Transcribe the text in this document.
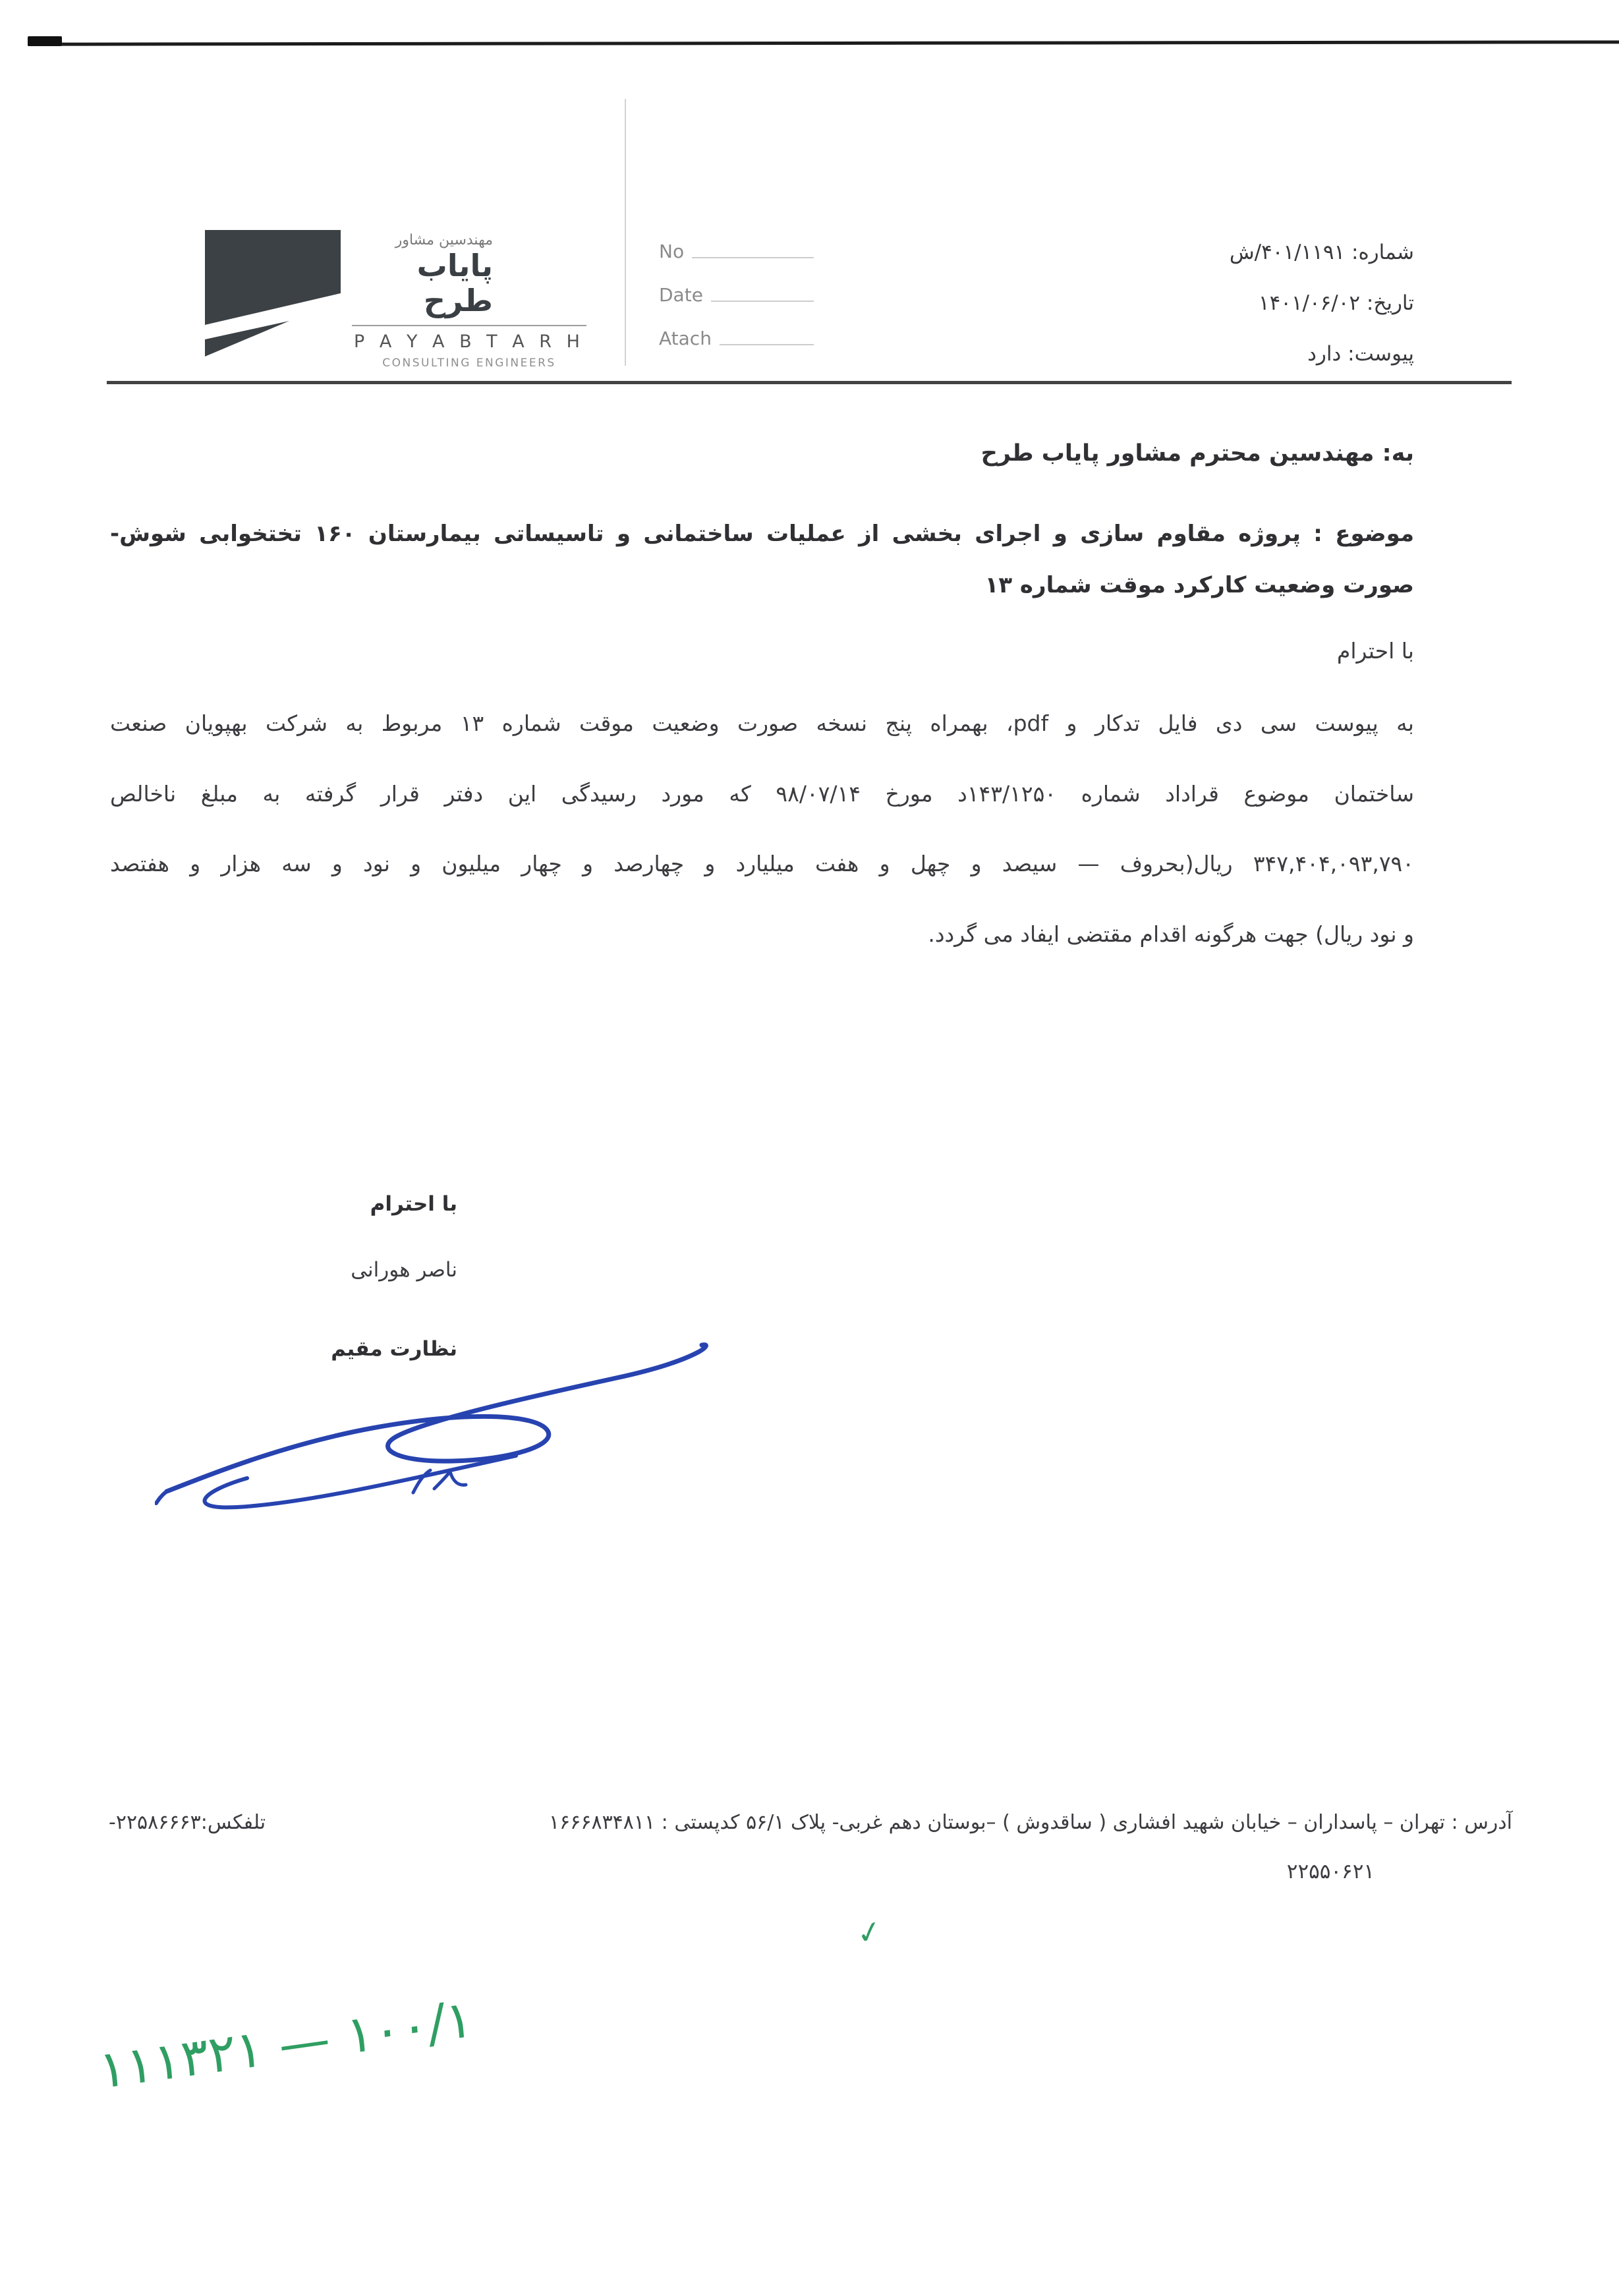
مهندسین مشاور
پایاب طرح
P A Y A B T A R H
CONSULTING ENGINEERS
No
Date
Atach
شماره: ۴۰۱/۱۱۹۱/ش
تاریخ: ۱۴۰۱/۰۶/۰۲
پیوست: دارد
به: مهندسین محترم مشاور پایاب طرح
موضوع : پروژه مقاوم سازی و اجرای بخشی از عملیات ساختمانی و تاسیساتی بیمارستان ۱۶۰ تختخوابی شوش-
صورت وضعیت کارکرد موقت شماره ۱۳
با احترام
به پیوست سی دی فایل تدکار و pdf، بهمراه پنج نسخه صورت وضعیت موقت شماره ۱۳ مربوط به شرکت بهپویان صنعت
ساختمان موضوع قراداد شماره ۱۴۳/۱۲۵۰د مورخ ۹۸/۰۷/۱۴ که مورد رسیدگی این دفتر قرار گرفته به مبلغ ناخالص
۳۴۷,۴۰۴,۰۹۳,۷۹۰ ریال(بحروف — سیصد و چهل و هفت میلیارد و چهارصد و چهار میلیون و نود و سه هزار و هفتصد
و نود ریال) جهت هرگونه اقدام مقتضی ایفاد می گردد.
با احترام
ناصر هورانی
نظارت مقیم
آدرس : تهران – پاسداران – خیابان شهید افشاری ( ساقدوش ) –بوستان دهم غربی- پلاک ۵۶/۱ کدپستی : ۱۶۶۶۸۳۴۸۱۱
تلفکس:۲۲۵۸۶۶۶۳-
۲۲۵۵۰۶۲۱
۱۱۱۳۲۱ — ۱۰۰/۱
✓
